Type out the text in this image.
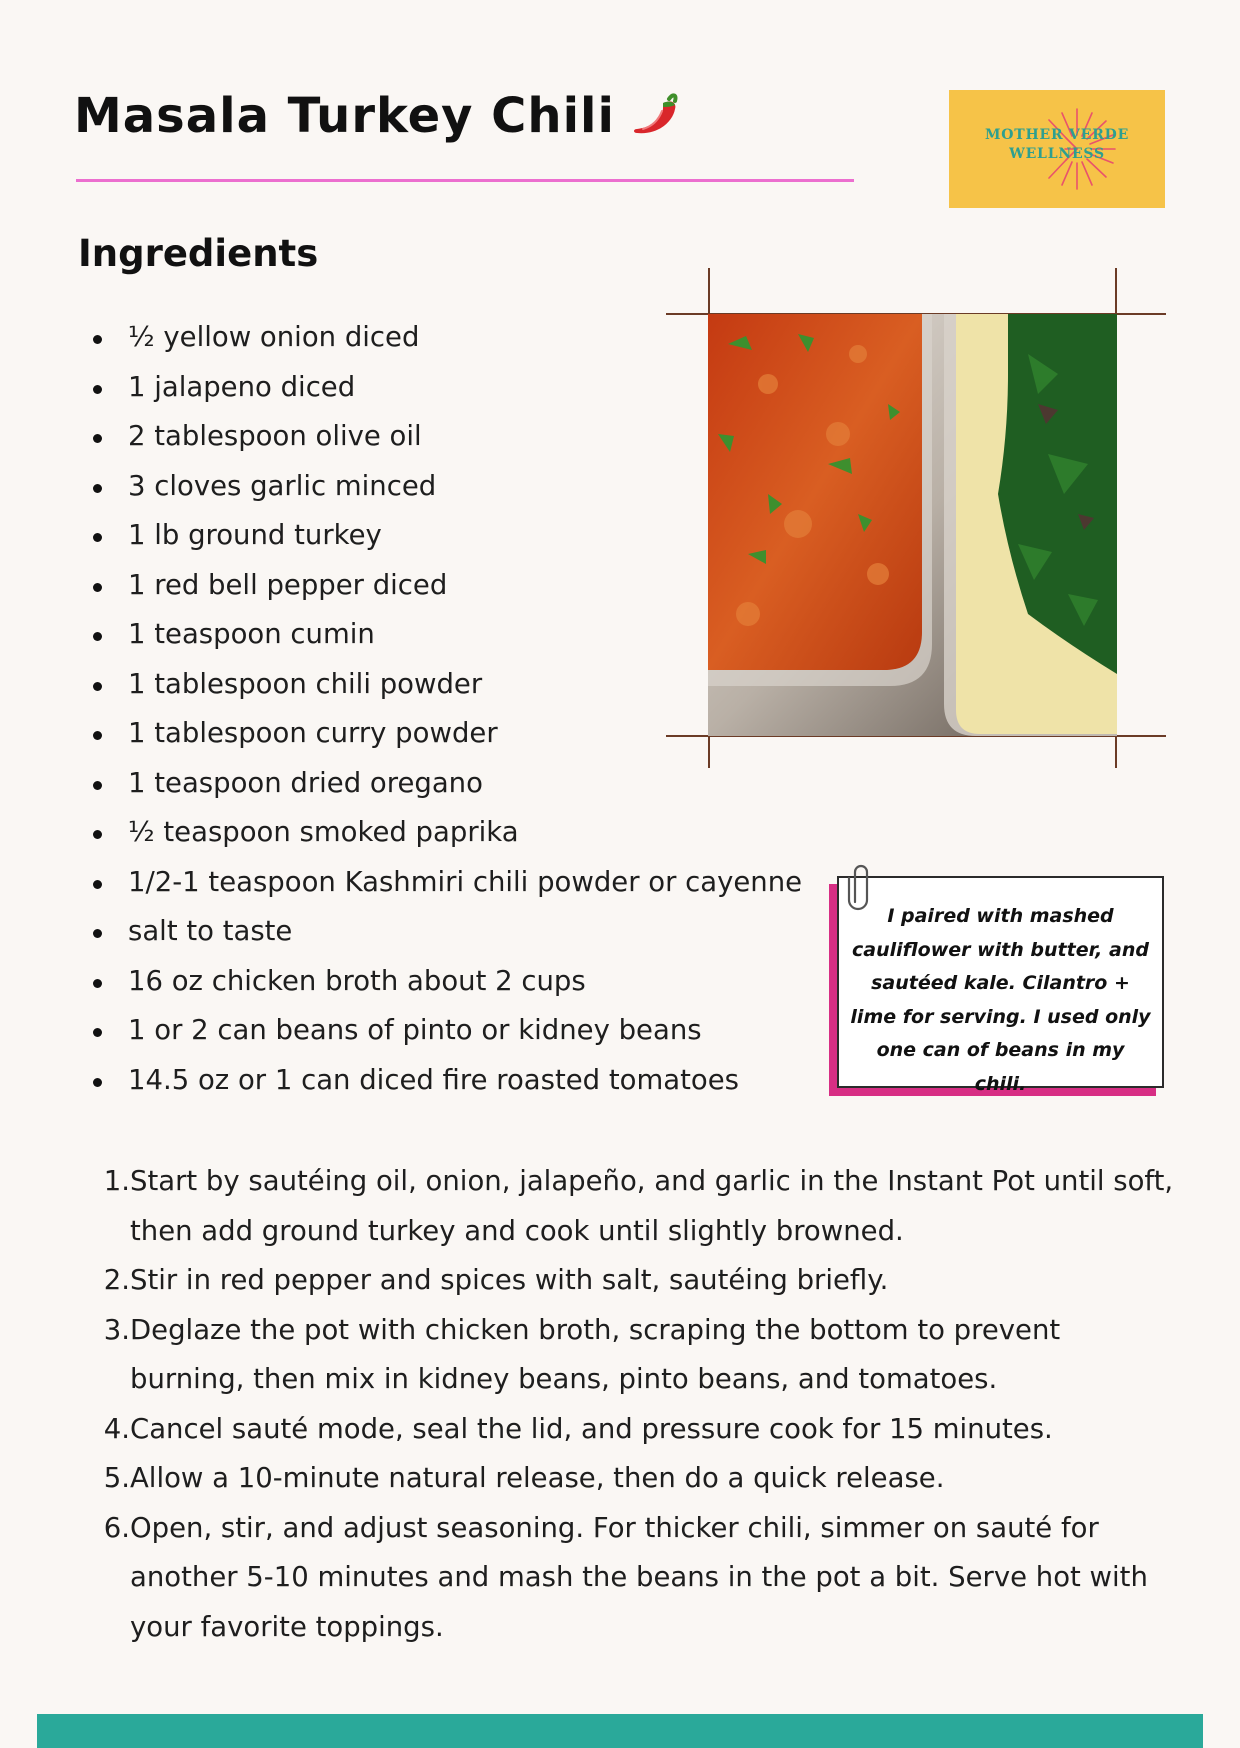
Masala Turkey Chili	MOTHER VERDE
WELLNESS
Ingredients
½ yellow onion diced
1 jalapeno diced
2 tablespoon olive oil
3 cloves garlic minced
1 lb ground turkey
1 red bell pepper diced
1 teaspoon cumin
1 tablespoon chili powder
1 tablespoon curry powder
1 teaspoon dried oregano
½ teaspoon smoked paprika
1/2-1 teaspoon Kashmiri chili powder or cayenne
salt to taste
16 oz chicken broth about 2 cups
1 or 2 can beans of pinto or kidney beans
14.5 oz or 1 can diced fire roasted tomatoes
I paired with mashed cauliflower with butter, and sautéed kale. Cilantro + lime for serving. I used only one can of beans in my chili.
1. Start by sautéing oil, onion, jalapeño, and garlic in the Instant Pot until soft, then add ground turkey and cook until slightly browned.
2. Stir in red pepper and spices with salt, sautéing briefly.
3. Deglaze the pot with chicken broth, scraping the bottom to prevent burning, then mix in kidney beans, pinto beans, and tomatoes.
4. Cancel sauté mode, seal the lid, and pressure cook for 15 minutes.
5. Allow a 10-minute natural release, then do a quick release.
6. Open, stir, and adjust seasoning. For thicker chili, simmer on sauté for another 5-10 minutes and mash the beans in the pot a bit. Serve hot with your favorite toppings.
